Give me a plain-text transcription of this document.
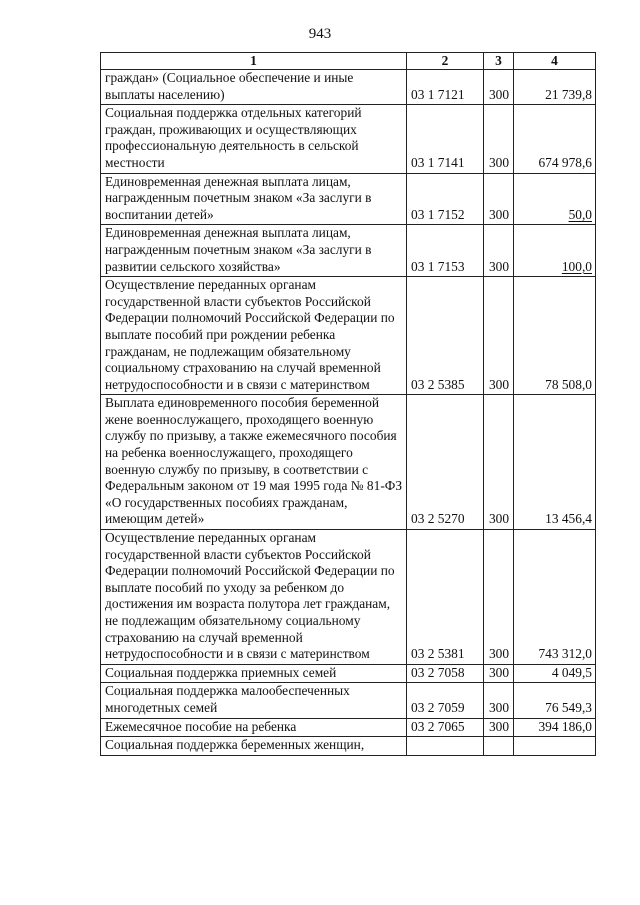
943
1	2	3	4
граждан» (Социальное обеспечение и иные выплаты населению)	03 1 7121	300	21 739,8
Социальная поддержка отдельных категорий граждан, проживающих и осуществляющих профессиональную деятельность в сельской местности	03 1 7141	300	674 978,6
Единовременная денежная выплата лицам, награжденным почетным знаком «За заслуги в воспитании детей»	03 1 7152	300	50,0
Единовременная денежная выплата лицам, награжденным почетным знаком «За заслуги в развитии сельского хозяйства»	03 1 7153	300	100,0
Осуществление переданных органам государственной власти субъектов Российской Федерации полномочий Российской Федерации по выплате пособий при рождении ребенка гражданам, не подлежащим обязательному социальному страхованию на случай временной нетрудоспособности и в связи с материнством	03 2 5385	300	78 508,0
Выплата единовременного пособия беременной жене военнослужащего, проходящего военную службу по призыву, а также ежемесячного пособия на ребенка военнослужащего, проходящего военную службу по призыву, в соответствии с Федеральным законом от 19 мая 1995 года № 81-ФЗ «О государственных пособиях гражданам, имеющим детей»	03 2 5270	300	13 456,4
Осуществление переданных органам государственной власти субъектов Российской Федерации полномочий Российской Федерации по выплате пособий по уходу за ребенком до достижения им возраста полутора лет гражданам, не подлежащим обязательному социальному страхованию на случай временной нетрудоспособности и в связи с материнством	03 2 5381	300	743 312,0
Социальная поддержка приемных семей	03 2 7058	300	4 049,5
Социальная поддержка малообеспеченных многодетных семей	03 2 7059	300	76 549,3
Ежемесячное пособие на ребенка	03 2 7065	300	394 186,0
Социальная поддержка беременных женщин,			
